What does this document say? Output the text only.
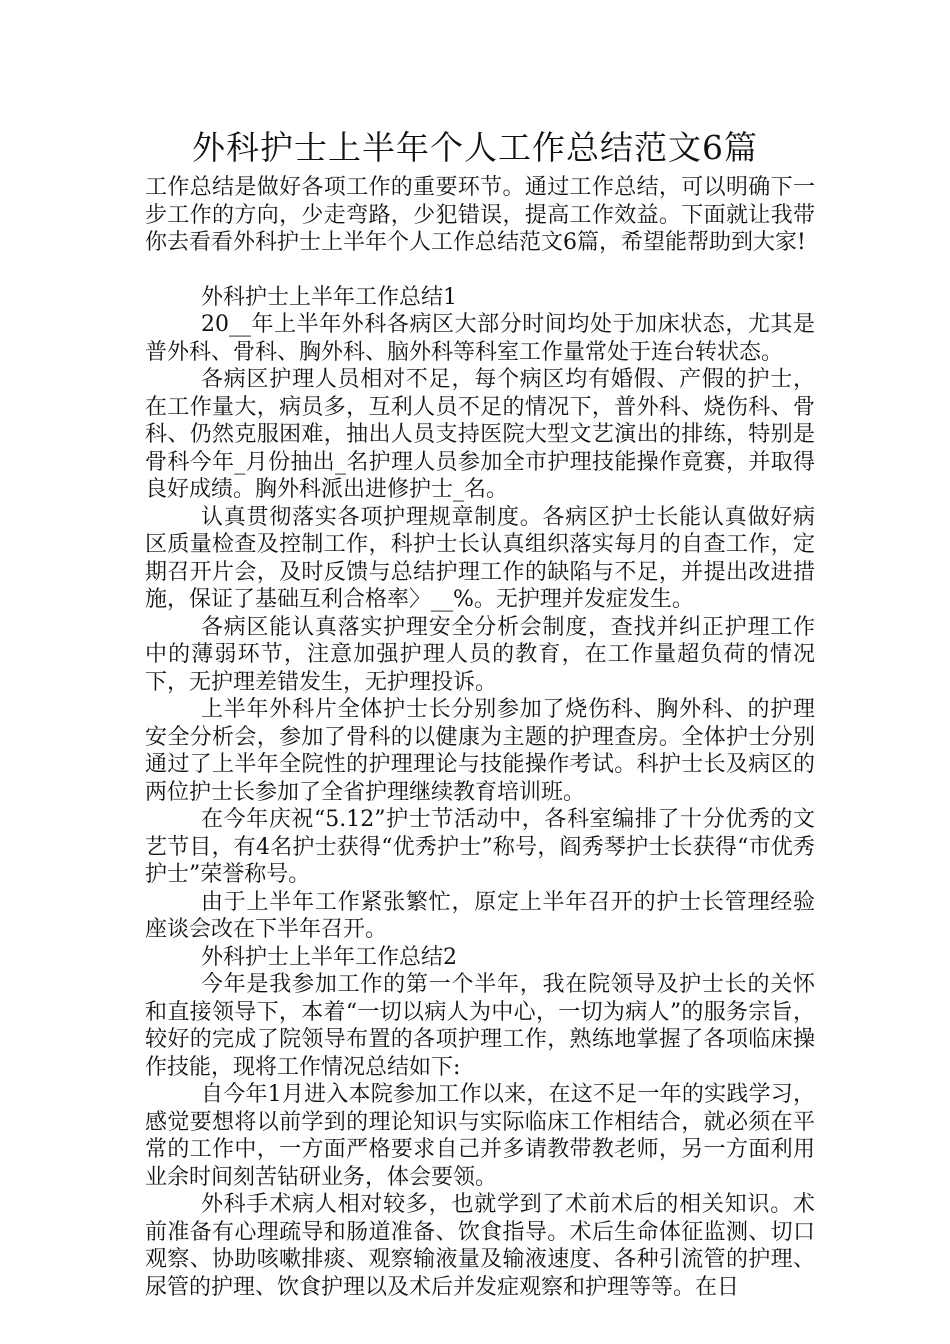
外科护士上半年个人工作总结范文6篇

工作总结是做好各项工作的重要环节。通过工作总结，可以明确下一步工作的方向，少走弯路，少犯错误，提高工作效益。下面就让我带你去看看外科护士上半年个人工作总结范文6篇，希望能帮助到大家!

外科护士上半年工作总结1

20__年上半年外科各病区大部分时间均处于加床状态，尤其是普外科、骨科、胸外科、脑外科等科室工作量常处于连台转状态。

各病区护理人员相对不足，每个病区均有婚假、产假的护士，在工作量大，病员多，互利人员不足的情况下，普外科、烧伤科、骨科、仍然克服困难，抽出人员支持医院大型文艺演出的排练，特别是骨科今年_月份抽出_名护理人员参加全市护理技能操作竟赛，并取得良好成绩。胸外科派出进修护士_名。

认真贯彻落实各项护理规章制度。各病区护士长能认真做好病区质量检查及控制工作，科护士长认真组织落实每月的自查工作，定期召开片会，及时反馈与总结护理工作的缺陷与不足，并提出改进措施，保证了基础互利合格率〉__%。无护理并发症发生。

各病区能认真落实护理安全分析会制度，查找并纠正护理工作中的薄弱环节，注意加强护理人员的教育，在工作量超负荷的情况下，无护理差错发生，无护理投诉。

上半年外科片全体护士长分别参加了烧伤科、胸外科、的护理安全分析会，参加了骨科的以健康为主题的护理查房。全体护士分别通过了上半年全院性的护理理论与技能操作考试。科护士长及病区的两位护士长参加了全省护理继续教育培训班。

在今年庆祝“5.12”护士节活动中，各科室编排了十分优秀的文艺节目，有4名护士获得“优秀护士”称号，阎秀琴护士长获得“市优秀护士”荣誉称号。

由于上半年工作紧张繁忙，原定上半年召开的护士长管理经验座谈会改在下半年召开。

外科护士上半年工作总结2

今年是我参加工作的第一个半年，我在院领导及护士长的关怀和直接领导下，本着“一切以病人为中心，一切为病人”的服务宗旨，较好的完成了院领导布置的各项护理工作，熟练地掌握了各项临床操作技能，现将工作情况总结如下:

自今年1月进入本院参加工作以来，在这不足一年的实践学习，感觉要想将以前学到的理论知识与实际临床工作相结合，就必须在平常的工作中，一方面严格要求自己并多请教带教老师，另一方面利用业余时间刻苦钻研业务，体会要领。

外科手术病人相对较多，也就学到了术前术后的相关知识。术前准备有心理疏导和肠道准备、饮食指导。术后生命体征监测、切口观察、协助咳嗽排痰、观察输液量及输液速度、各种引流管的护理、尿管的护理、饮食护理以及术后并发症观察和护理等等。在日
